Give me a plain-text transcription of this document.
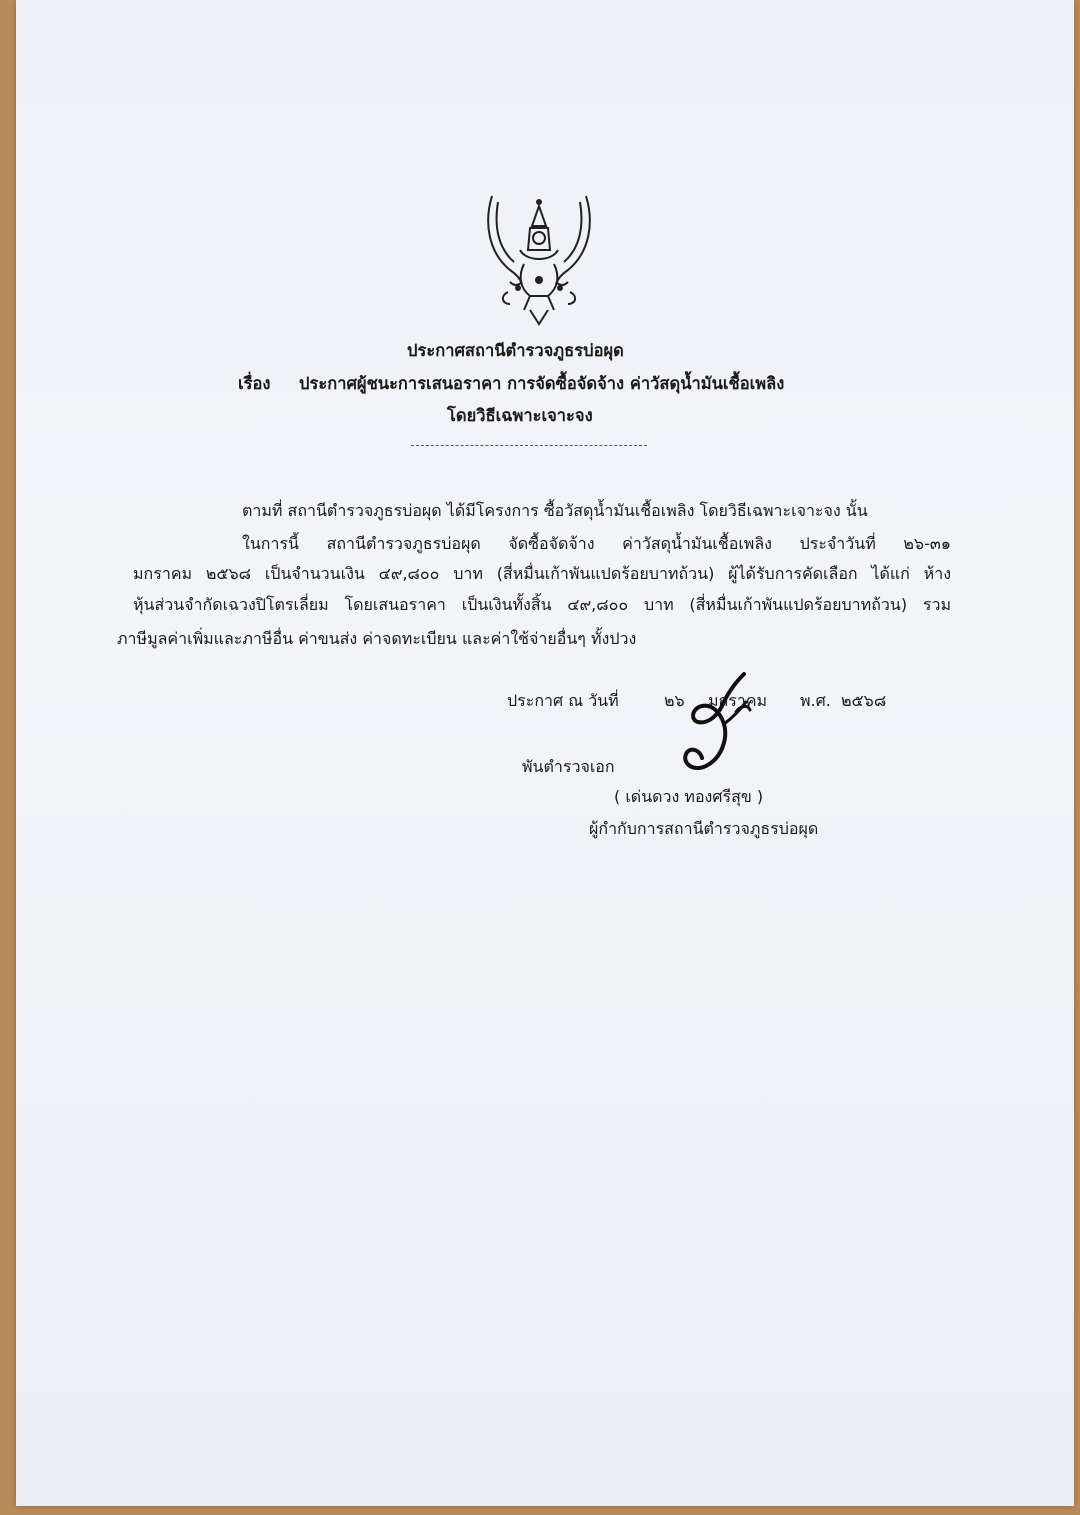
ประกาศสถานีตำรวจภูธรบ่อผุด
เรื่อง ประกาศผู้ชนะการเสนอราคา การจัดซื้อจัดจ้าง ค่าวัสดุน้ำมันเชื้อเพลิง
โดยวิธีเฉพาะเจาะจง
ตามที่ สถานีตำรวจภูธรบ่อผุด ได้มีโครงการ ซื้อวัสดุน้ำมันเชื้อเพลิง โดยวิธีเฉพาะเจาะจง นั้น
ในการนี้ สถานีตำรวจภูธรบ่อผุด จัดซื้อจัดจ้าง ค่าวัสดุน้ำมันเชื้อเพลิง ประจำวันที่ ๒๖-๓๑
มกราคม ๒๕๖๘ เป็นจำนวนเงิน ๔๙,๘๐๐ บาท (สี่หมื่นเก้าพันแปดร้อยบาทถ้วน) ผู้ได้รับการคัดเลือก ได้แก่ ห้าง
หุ้นส่วนจำกัดเฉวงปิโตรเลี่ยม โดยเสนอราคา เป็นเงินทั้งสิ้น ๔๙,๘๐๐ บาท (สี่หมื่นเก้าพันแปดร้อยบาทถ้วน) รวม
ภาษีมูลค่าเพิ่มและภาษีอื่น ค่าขนส่ง ค่าจดทะเบียน และค่าใช้จ่ายอื่นๆ ทั้งปวง
ประกาศ ณ วันที่	๒๖ มกราคม พ.ศ. ๒๕๖๘
พันตำรวจเอก
( เด่นดวง ทองศรีสุข )
ผู้กำกับการสถานีตำรวจภูธรบ่อผุด
